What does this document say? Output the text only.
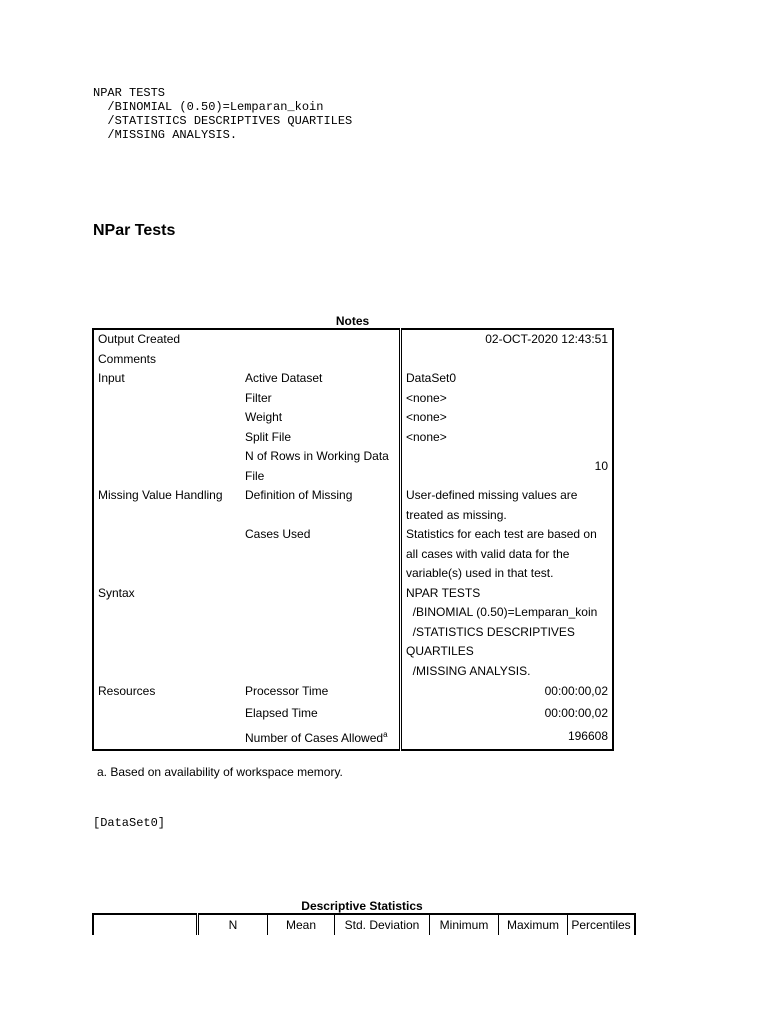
NPAR TESTS
/BINOMIAL (0.50)=Lemparan_koin
/STATISTICS DESCRIPTIVES QUARTILES
/MISSING ANALYSIS.
NPar Tests
Notes
Output Created		02-OCT-2020 12:43:51
Comments		
Input	Active Dataset	DataSet0
	Filter	<none>
	Weight	<none>
	Split File	<none>
	N of Rows in Working Data File	10
Missing Value Handling	Definition of Missing	User-defined missing values are treated as missing.
	Cases Used	Statistics for each test are based on all cases with valid data for the variable(s) used in that test.
Syntax		NPAR TESTS
/BINOMIAL (0.50)=Lemparan_koin
/STATISTICS DESCRIPTIVES QUARTILES
/MISSING ANALYSIS.

Resources	Processor Time	00:00:00,02
	Elapsed Time	00:00:00,02
	Number of Cases Allowed$^a$	196608
a. Based on availability of workspace memory.
[DataSet0]
Descriptive Statistics
	N	Mean	Std. Deviation	Minimum	Maximum	Percentiles
